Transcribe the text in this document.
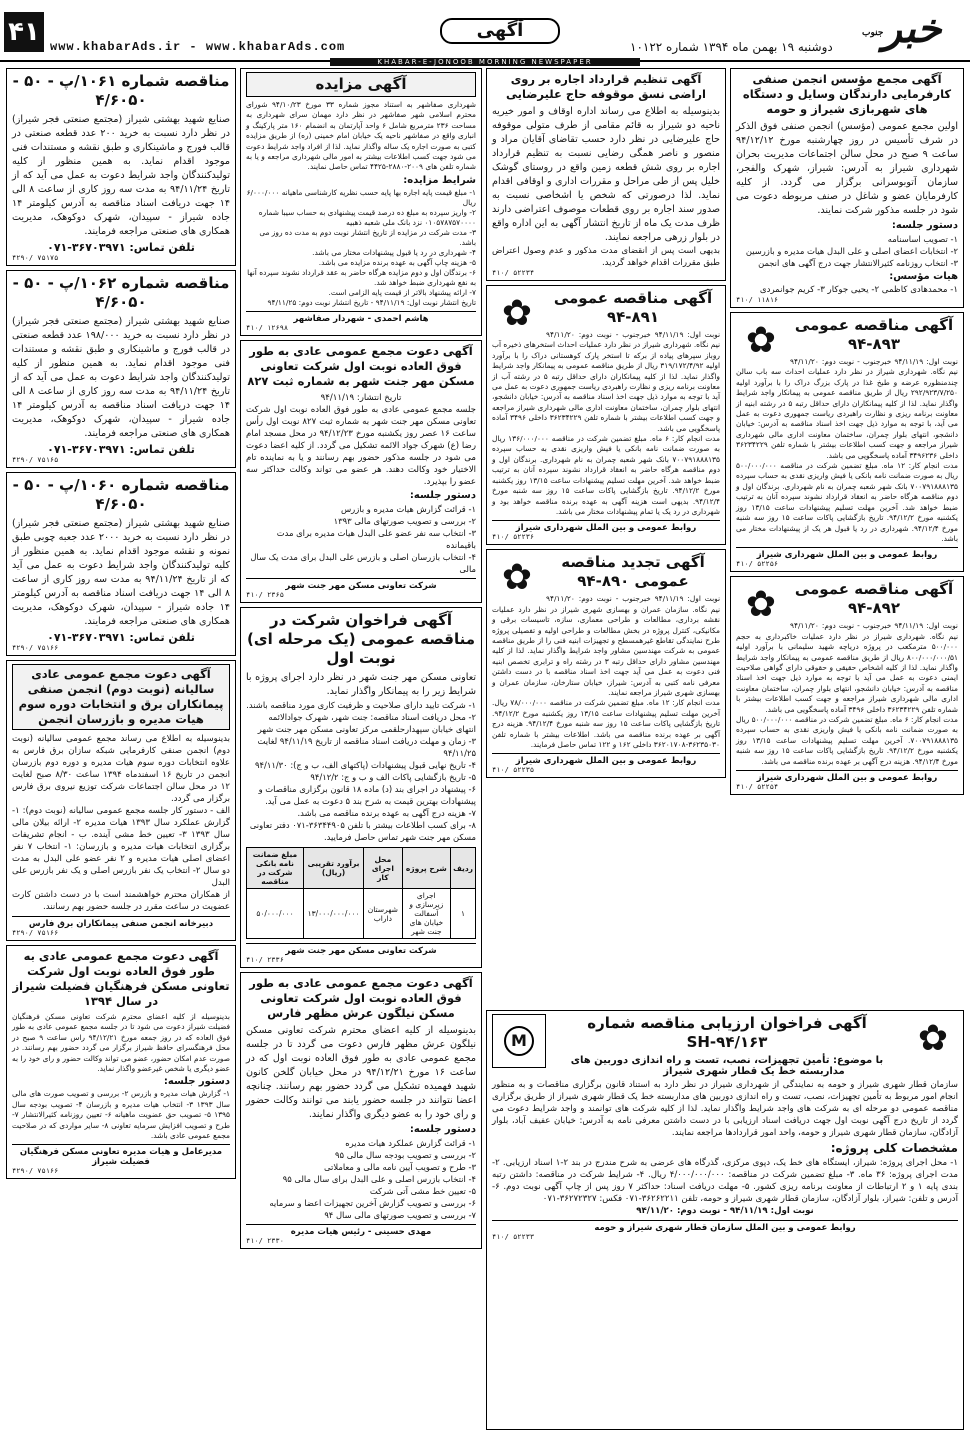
۴۱ www.khabarAds.ir - www.khabarAds.com
آگهی
دوشنبه ۱۹ بهمن ماه ۱۳۹۴ شماره ۱۰۱۲۲	خبر
جنوب
KHABAR-E-JONOOB MORNING NEWSPAPER
آگهی مجمع مؤسس انجمن صنفی کارفرمایی دارندگان وسایل و دستگاه های شهربازی شیراز و حومه

اولین مجمع عمومی (مؤسس) انجمن صنفی فوق الذکر در شرف تأسیس در روز چهارشنبه مورخ ۹۴/۱۲/۱۲ ساعت ۹ صبح در محل سالن اجتماعات مدیریت بحران شهرداری شیراز به آدرس: شیراز، شهرک والفجر، سازمان آتوبوسرانی برگزار می گردد. از کلیه کارفرمایان عضو و شاغل در صنف مربوطه دعوت می شود در جلسه مذکور شرکت نمایند.

دستور جلسه:
۱- تصویب اساسنامه
۲- انتخابات اعضای اصلی و علی البدل هیات مدیره و بازرسین
۳- انتخاب روزنامه کثیرالانتشار جهت درج آگهی های انجمن
هیات مؤسس:

۱- محمدهادی کاظمی ۲- یحیی جوکار ۳- کریم جوانمردی

۴۱۰/ ۱۱۸۱۶
✿	آگهی مناقصه عمومی ۸۹۳-۹۴

نوبت اول: ۹۴/۱۱/۱۹ خبرجنوب - نوبت دوم: ۹۴/۱۱/۲۰ نیم نگاه. شهرداری شیراز در نظر دارد عملیات احداث سه باب سالن چندمنظوره عرضه و طبخ غذا در پارک بزرگ دراک را با برآورد اولیه ۲۹۲/۹۲۳/۷/۲۵۰ ریال از طریق مناقصه عمومی به پیمانکار واجد شرایط واگذار نماید. لذا از کلیه پیمانکاران دارای حداقل رتبه ۵ در رشته ابنیه از معاونت برنامه ریزی و نظارت راهبردی ریاست جمهوری دعوت به عمل می آید، با توجه به موارد ذیل جهت اخذ اسناد مناقصه به آدرس: خیابان دانشجو، انتهای بلوار چمران، ساختمان معاونت اداری مالی شهرداری شیراز مراجعه و جهت کسب اطلاعات بیشتر با شماره تلفن ۳۶۲۳۴۲۲۹ داخلی ۳۴۹۶۲۳۶ آماده پاسخگویی می باشد.

مدت انجام کار: ۱۲ ماه. مبلغ تضمین شرکت در مناقصه ۵۰۰/۰۰۰/۰۰۰ ریال به صورت ضمانت نامه بانکی یا فیش واریزی نقدی به حساب سپرده ۷۰۰۷۹۱۸۸۸۱۳۵ بانک شهر شعبه چمران به نام شهرداری. برندگان اول و دوم مناقصه هرگاه حاضر به انعقاد قرارداد نشوند سپرده آنان به ترتیب ضبط خواهد شد. آخرین مهلت تسلیم پیشنهادات ساعت ۱۳/۱۵ روز یکشنبه مورخ ۹۴/۱۲/۲. تاریخ بازگشایی پاکات ساعت ۱۵ روز سه شنبه مورخ ۹۴/۱۲/۴. شهرداری در رد یا قبول هر یک از پیشنهادات مختار می باشد.

روابط عمومی و بین الملل شهرداری شیراز
۴۱۰/ ۵۲۲۵۶
✿	آگهی مناقصه عمومی ۸۹۲-۹۴

نوبت اول: ۹۴/۱۱/۱۹ خبرجنوب - نوبت دوم: ۹۴/۱۱/۲۰ نیم نگاه. شهرداری شیراز در نظر دارد عملیات خاکبرداری به حجم ۵۰۰/۰۰۰ مترمکعب در پروژه دریاچه شهید سلیمانی با برآورد اولیه ۸۰۰/۰۰۰/۰۰۰/۵۱ ریال از طریق مناقصه عمومی به پیمانکار واجد شرایط واگذار نماید. لذا از کلیه اشخاص حقیقی و حقوقی دارای گواهی صلاحیت ایمنی دعوت به عمل می آید با توجه به موارد ذیل جهت اخذ اسناد مناقصه به آدرس: خیابان دانشجو، انتهای بلوار چمران، ساختمان معاونت اداری مالی شهرداری شیراز مراجعه و جهت کسب اطلاعات بیشتر با شماره تلفن ۳۶۲۳۴۲۲۹ داخلی ۳۴۹۶ آماده پاسخگویی می باشد.

مدت انجام کار: ۶ ماه. مبلغ تضمین شرکت در مناقصه ۵۰۰/۰۰۰/۰۰۰ ریال به صورت ضمانت نامه بانکی یا فیش واریزی نقدی به حساب سپرده ۷۰۰۷۹۱۸۸۸۱۳۵. آخرین مهلت تسلیم پیشنهادات ساعت ۱۳/۱۵ روز یکشنبه مورخ ۹۴/۱۲/۲. تاریخ بازگشایی پاکات ساعت ۱۵ روز سه شنبه مورخ ۹۴/۱۲/۴. هزینه درج آگهی بر عهده برنده مناقصه می باشد.

روابط عمومی و بین الملل شهرداری شیراز
۴۱۰/ ۵۲۲۵۴
آگهی تنظیم قرارداد اجاره بر روی اراضی نسق موقوفه حاج علیرضایی

بدینوسیله به اطلاع می رساند اداره اوقاف و امور خیریه ناحیه دو شیراز به قائم مقامی از طرف متولی موقوفه حاج علیرضایی در نظر دارد حسب تقاضای آقایان مراد و منصور و ناصر همگی رضایی نسبت به تنظیم قرارداد اجاره بر روی شش قطعه زمین واقع در روستای گوشک خلیل پس از طی مراحل و مقررات اداری و اوقافی اقدام نماید. لذا درصورتی که شخص یا اشخاصی نسبت به صدور سند اجاره بر روی قطعات موصوف اعتراضی دارند ظرف مدت یک ماه از تاریخ انتشار آگهی به این اداره واقع در بلوار زرهی مراجعه نمایند.

بدیهی است پس از انقضای مدت مذکور و عدم وصول اعتراض طبق مقررات اقدام خواهد گردید.

۴۱۰/ ۵۲۲۳۴
✿	آگهی مناقصه عمومی ۸۹۱-۹۴

نوبت اول: ۹۴/۱۱/۱۹ خبرجنوب - نوبت دوم: ۹۴/۱۱/۲۰ نیم نگاه. شهرداری شیراز در نظر دارد عملیات احداث استخرهای ذخیره آب روباز سپرهای پیاده از برکه تا استخر پارک کوهستانی دراک را با برآورد اولیه ۳۱۹/۱۷۲/۴/۹۲ ریال از طریق مناقصه عمومی به پیمانکار واجد شرایط واگذار نماید. لذا از کلیه پیمانکاران دارای حداقل رتبه ۵ در رشته آب از معاونت برنامه ریزی و نظارت راهبردی ریاست جمهوری دعوت به عمل می آید با توجه به موارد ذیل جهت اخذ اسناد مناقصه به آدرس: خیابان دانشجو، انتهای بلوار چمران، ساختمان معاونت اداری مالی شهرداری شیراز مراجعه و جهت کسب اطلاعات بیشتر با شماره تلفن ۳۶۲۳۴۲۲۹ داخلی ۳۴۹۶ آماده پاسخگویی می باشد.

مدت انجام کار: ۶ ماه. مبلغ تضمین شرکت در مناقصه ۱۳۶/۰۰۰/۰۰۰ ریال به صورت ضمانت نامه بانکی یا فیش واریزی نقدی به حساب سپرده ۷۰۰۷۹۱۸۸۸۱۳۵ بانک شهر شعبه چمران به نام شهرداری. برندگان اول و دوم مناقصه هرگاه حاضر به انعقاد قرارداد نشوند سپرده آنان به ترتیب ضبط خواهد شد. آخرین مهلت تسلیم پیشنهادات ساعت ۱۳/۱۵ روز یکشنبه مورخ ۹۴/۱۲/۲. تاریخ بازگشایی پاکات ساعت ۱۵ روز سه شنبه مورخ ۹۴/۱۲/۴. بدیهی است هزینه آگهی به عهده برنده مناقصه خواهد بود و شهرداری در رد یک یا تمام پیشنهادات مختار می باشد.

روابط عمومی و بین الملل شهرداری شیراز
۴۱۰/ ۵۲۲۳۶
✿	آگهی تجدید مناقصه عمومی ۸۹۰-۹۴

نوبت اول: ۹۴/۱۱/۱۹ خبرجنوب - نوبت دوم: ۹۴/۱۱/۲۰ نیم نگاه. سازمان عمران و بهسازی شهری شیراز در نظر دارد عملیات نقشه برداری، مطالعات و طراحی معماری، سازه، تاسیسات برقی و مکانیکی، کنترل پروژه در بخش مطالعات و طراحی اولیه و تفصیلی پروژه طرح نمایندگی تقاطع غیرهمسطح و تجهیزات ابنیه فنی را از طریق مناقصه عمومی به شرکت مهندسین مشاور واجد شرایط واگذار نماید. لذا از کلیه مهندسین مشاور دارای حداقل رتبه ۳ در رشته راه و ترابری تخصص ابنیه فنی دعوت به عمل می آید جهت اخذ اسناد مناقصه با در دست داشتن معرفی نامه کتبی به آدرس: شیراز، خیابان ستارخان، سازمان عمران و بهسازی شهری شیراز مراجعه نمایند.

مدت انجام کار: ۱۲ ماه. مبلغ تضمین شرکت در مناقصه ۷۸/۰۰۰/۰۰۰ ریال. آخرین مهلت تسلیم پیشنهادات ساعت ۱۳/۱۵ روز یکشنبه مورخ ۹۴/۱۲/۲. تاریخ بازگشایی پاکات ساعت ۱۵ روز سه شنبه مورخ ۹۴/۱۲/۴. هزینه درج آگهی بر عهده برنده مناقصه می باشد. اطلاعات بیشتر با شماره تلفن ۳۶۲۳۵۰۳۰-۳۶۲۰۱۷۰۸ داخلی ۱۶۲ و ۱۲۲ تماس حاصل فرمایند.

روابط عمومی و بین الملل شهرداری شیراز
۴۱۰/ ۵۲۲۳۵
✿
M
آگهی فراخوان ارزیابی مناقصه شماره SH-۹۴/۱۶۳
با موضوع: تأمین تجهیزات، نصب، تست و راه اندازی دوربین های مداربسته خط یک قطار شهری شیراز

سازمان قطار شهری شیراز و حومه به نمایندگی از شهرداری شیراز در نظر دارد به استناد قانون برگزاری مناقصات و به منظور انجام امور مربوط به تأمین تجهیزات، نصب، تست و راه اندازی دوربین های مداربسته خط یک قطار شهری شیراز از طریق برگزاری مناقصه عمومی دو مرحله ای به شرکت های واجد شرایط واگذار نماید. لذا از کلیه شرکت های توانمند و واجد شرایط دعوت می گردد از تاریخ درج آگهی نوبت اول جهت دریافت اسناد ارزیابی با در دست داشتن معرفی نامه به آدرس: خیابان عفیف آباد، بلوار آزادگان، سازمان قطار شهری شیراز و حومه، واحد امور قراردادها مراجعه نمایند.

مشخصات کلی پروژه:

۱- محل اجرای پروژه: شیراز، ایستگاه های خط یک، دپوی مرکزی، گذرگاه های عرضی به شرح مندرج در بند ۲-۱ اسناد ارزیابی. ۲- مدت اجرای پروژه: ۳۶ ماه. ۳- مبلغ تضمین شرکت در مناقصه: ۴/۰۰۰/۰۰۰/۰۰۰ ریال. ۴- شرایط شرکت در مناقصه: داشتن رتبه بندی پایه ۱ و ۲ ارتباطات از معاونت برنامه ریزی کشور. ۵- مهلت دریافت اسناد: حداکثر ۷ روز پس از چاپ آگهی نوبت دوم. ۶- آدرس و تلفن: شیراز، بلوار آزادگان، سازمان قطار شهری شیراز و حومه، تلفن ۳۶۲۶۲۲۱۱-۰۷۱ فکس: ۳۶۲۷۲۳۲۷-۰۷۱

نوبت اول: ۹۴/۱۱/۱۹ - نوبت دوم: ۹۴/۱۱/۲۰

روابط عمومی و بین الملل سازمان قطار شهری شیراز و حومه
۴۱۰/ ۵۲۲۳۳
آگهی مزایده

شهرداری صفاشهر به استناد مجوز شماره ۳۳ مورخ ۹۴/۱۰/۲۳ شورای محترم اسلامی شهر صفاشهر در نظر دارد مهمان سرای شهرداری به مساحت ۲۳۶ مترمربع شامل ۶ واحد آپارتمان به انضمام ۱۶۰ متر پارکینگ و انباری واقع در صفاشهر ناحیه یک خیابان امام خمینی (ره) از طریق مزایده کتبی به صورت اجاره یک ساله واگذار نماید. لذا از افراد واجد شرایط دعوت می شود جهت کسب اطلاعات بیشتر به امور مالی شهرداری مراجعه و یا به شماره تلفن های ۲۰۰۹-۲۸۸۰-۴۴۲۵ تماس حاصل نمایند.

شرایط مزایده:
۱- مبلغ قیمت پایه اجاره بها پایه حسب نظریه کارشناسی ماهیانه ۶/۰۰۰/۰۰۰ ریال
۲- واریز سپرده به مبلغ ده درصد قیمت پیشنهادی به حساب سیبا شماره ۰۱۰۵۷۸۷۵۷۰۰۰۰ نزد بانک ملی شعبه ذهبیه
۳- مدت شرکت در مزایده از تاریخ انتشار نوبت دوم به مدت ده روز می باشد.
۴- شهرداری در رد یا قبول پیشنهادات مختار می باشد.
۵- هزینه چاپ آگهی به عهده برنده مزایده می باشد.
۶- برندگان اول و دوم مزایده هرگاه حاضر به عقد قرارداد نشوند سپرده آنها به نفع شهرداری ضبط خواهد شد.
۷- ارائه پیشنهاد بالاتر از قیمت پایه الزامی است.

تاریخ انتشار نوبت اول: ۹۴/۱۱/۱۹ - تاریخ انتشار نوبت دوم: ۹۴/۱۱/۲۵

هاشم احمدی - شهردار صفاشهر
۴۱۰/ ۱۲۶۹۸
آگهی دعوت مجمع عمومی عادی به طور فوق العاده نوبت اول شرکت تعاونی مسکن مهر جنت شهر به شماره ثبت ۸۲۷

تاریخ انتشار: ۹۴/۱۱/۱۹

جلسه مجمع عمومی عادی به طور فوق العاده نوبت اول شرکت تعاونی مسکن مهر جنت شهر به شماره ثبت ۸۲۷ نوبت اول رأس ساعت ۱۶ عصر روز یکشنبه مورخ ۹۴/۱۲/۲۳ در محل مسجد امام رضا (ع) شهرک جواد الائمه تشکیل می گردد. از کلیه اعضا دعوت می شود در جلسه مذکور حضور بهم رسانند و یا به نماینده تام الاختیار خود وکالت دهند. هر عضو می تواند وکالت حداکثر سه عضو را بپذیرد.

دستور جلسه:
۱- قرائت گزارش هیات مدیره و بازرس
۲- بررسی و تصویب صورتهای مالی ۱۳۹۳
۳- انتخاب سه نفر عضو علی البدل هیات مدیره برای مدت باقیمانده
۴- انتخاب بازرسان اصلی و بازرس علی البدل برای مدت یک سال مالی
شرکت تعاونی مسکن مهر جنت شهر
۴۱۰/ ۲۳۶۵
آگهی فراخوان شرکت در مناقصه عمومی (یک مرحله ای) نوبت اول

تعاونی مسکن مهر جنت شهر در نظر دارد اجرای پروژه با شرایط زیر را به پیمانکار واگذار نماید.

۱- شرکت تایید دارای صلاحیت و ظرفیت کاری مورد مناقصه باشند.
۲- محل دریافت اسناد مناقصه: جنت شهر، شهرک جوادالائمه انتهای خیابان سپهدارحلقمی مرکز تعاونی مسکن مهر جنت شهر
۳- زمان و مهلت دریافت اسناد مناقصه از تاریخ ۹۴/۱۱/۱۹ لغایت ۹۴/۱۱/۲۵
۴- تاریخ نهایی قبول پیشنهادات (پاکتهای الف، ب و ج): ۹۴/۱۱/۳۰
۵- تاریخ بازگشایی پاکات الف و ب و ج: ۹۴/۱۲/۲
۶- پیشنهاد در اجرای بند (د) ماده ۱۸ قانون برگزاری مناقصات و پیشنهادات بهترین قیمت به شرح بند ۵ دعوت به عمل می آید.
۷- هزینه درج آگهی به عهده برنده مناقصه می باشد.
۸- برای کسب اطلاعات بیشتر با تلفن ۳۶۳۴۴۹۰۵-۰۷۱ دفتر تعاونی مسکن مهر جنت شهر تماس حاصل فرمایید.
ردیف	شرح پروژه	محل اجرای کار	برآورد تقریبی (ریال)	مبلغ ضمانت نامه بانکی شرکت در مناقصه
۱	اجرای زیرسازی و آسفالت خیابان های جنت شهر	شهرستان داراب	۱۳/۰۰۰/۰۰۰/۰۰۰	۵۰/۰۰۰/۰۰۰
شرکت تعاونی مسکن مهر جنت شهر
۴۱۰/ ۲۳۳۶
آگهی دعوت مجمع عمومی عادی به طور فوق العاده نوبت اول شرکت تعاونی مسکن نیلگون عرش مظهر فارس

بدینوسیله از کلیه اعضای محترم شرکت تعاونی مسکن نیلگون عرش مظهر فارس دعوت می گردد تا در جلسه مجمع عمومی عادی به طور فوق العاده نوبت اول که در ساعت ۱۶ مورخ ۹۴/۱۲/۲۱ در محل خیابان گلخن کانون شهید فهمیده تشکیل می گردد حضور بهم رسانند. چنانچه اعضا نتوانند در جلسه حضور یابند می توانند وکالت حضور و رای خود را به عضو دیگری واگذار نمایند.

دستور جلسه:
۱- قرائت گزارش عملکرد هیات مدیره
۲- بررسی و تصویب بودجه سال مالی ۹۵
۳- طرح و تصویب آیین نامه مالی و معاملاتی
۴- انتخاب بازرس اصلی و علی البدل برای سال مالی ۹۵
۵- تعیین خط مشی آتی شرکت
۶- بررسی و تصویب گزارش آخرین تجهیزات اعضا و سرمایه
۷- بررسی و تصویب صورتهای مالی سال ۹۴
مهدی حسینی - رئیس هیات مدیره
۴۱۰/ ۲۳۳۰
مناقصه شماره ۱۰۶۱/پ - ۵۰ - ۴/۶۰۵۰

صنایع شهید بهشتی شیراز (مجتمع صنعتی فجر شیراز) در نظر دارد نسبت به خرید ۲۰۰ عدد قطعه صنعتی در قالب فورج و ماشینکاری و طبق نقشه و مستندات فنی موجود اقدام نماید. به همین منظور از کلیه تولیدکنندگان واجد شرایط دعوت به عمل می آید که از تاریخ ۹۴/۱۱/۲۴ به مدت سه روز کاری از ساعت ۸ الی ۱۴ جهت دریافت اسناد مناقصه به آدرس کیلومتر ۱۴ جاده شیراز - سپیدان، شهرک دوکوهک، مدیریت همکاری های صنعتی مراجعه فرمایند.

تلفن تماس: ۳۶۷۰۳۹۷۱-۰۷۱
۴۲۹۰/ ۷۵۱۷۵
مناقصه شماره ۱۰۶۲/پ - ۵۰ - ۴/۶۰۵۰

صنایع شهید بهشتی شیراز (مجتمع صنعتی فجر شیراز) در نظر دارد نسبت به خرید ۱۹۸/۰۰۰ عدد قطعه صنعتی در قالب فورج و ماشینکاری و طبق نقشه و مستندات فنی موجود اقدام نماید. به همین منظور از کلیه تولیدکنندگان واجد شرایط دعوت به عمل می آید که از تاریخ ۹۴/۱۱/۲۴ به مدت سه روز کاری از ساعت ۸ الی ۱۴ جهت دریافت اسناد مناقصه به آدرس کیلومتر ۱۴ جاده شیراز - سپیدان، شهرک دوکوهک، مدیریت همکاری های صنعتی مراجعه فرمایند.

تلفن تماس: ۳۶۷۰۳۹۷۱-۰۷۱
۴۲۹۰/ ۷۵۱۶۵
مناقصه شماره ۱۰۶۰/پ - ۵۰ - ۴/۶۰۵۰

صنایع شهید بهشتی شیراز (مجتمع صنعتی فجر شیراز) در نظر دارد نسبت به خرید ۲۰۰۰ عدد جعبه چوبی طبق نمونه و نقشه موجود اقدام نماید. به همین منظور از کلیه تولیدکنندگان واجد شرایط دعوت به عمل می آید که از تاریخ ۹۴/۱۱/۲۴ به مدت سه روز کاری از ساعت ۸ الی ۱۴ جهت دریافت اسناد مناقصه به آدرس کیلومتر ۱۴ جاده شیراز - سپیدان، شهرک دوکوهک، مدیریت همکاری های صنعتی مراجعه فرمایند.

تلفن تماس: ۳۶۷۰۳۹۷۱-۰۷۱
۴۲۹۰/ ۷۵۱۶۶
آگهی دعوت مجمع عمومی عادی سالیانه (نوبت دوم) انجمن صنفی پیمانکاران برق و انتخابات دوره سوم هیات مدیره و بازرسان انجمن

بدینوسیله به اطلاع می رساند مجمع عمومی سالیانه (نوبت دوم) انجمن صنفی کارفرمایی شبکه سازان برق فارس به علاوه انتخابات دوره سوم هیات مدیره و دوره دوم بازرسان انجمن در تاریخ ۱۶ اسفندماه ۱۳۹۴ ساعت ۸/۳۰ صبح لغایت ۱۲ در محل سالن اجتماعات شرکت توزیع نیروی برق فارس برگزار می گردد.

الف - دستور کار جلسه مجمع عمومی سالیانه (نوبت دوم): ۱- گزارش عملکرد سال ۱۳۹۳ هیات مدیره ۲- ارائه بیلان مالی سال ۱۳۹۳ ۳- تعیین خط مشی آینده. ب - انجام تشریفات برگزاری انتخابات هیات مدیره و بازرسان: ۱- انتخاب ۷ نفر اعضای اصلی هیات مدیره و ۲ نفر عضو علی البدل به مدت دو سال ۲- انتخاب یک نفر بازرس اصلی و یک نفر بازرس علی البدل

از همکاران محترم خواهشمند است با در دست داشتن کارت عضویت در ساعت مقرر در جلسه حضور بهم رسانند.

دبیرخانه انجمن صنفی پیمانکاران برق فارس
۴۲۹۰/ ۷۵۱۶۶
آگهی دعوت مجمع عمومی عادی به طور فوق العاده نوبت اول شرکت تعاونی مسکن فرهنگیان فضیلت شیراز در سال ۱۳۹۴

بدینوسیله از کلیه اعضای محترم شرکت تعاونی مسکن فرهنگیان فضیلت شیراز دعوت می شود تا در جلسه مجمع عمومی عادی به طور فوق العاده که در روز جمعه مورخ ۹۴/۱۲/۲۱ راس ساعت ۹ صبح در محل فرهنگسرای حافظ شیراز برگزار می گردد حضور بهم رسانند. در صورت عدم امکان حضور، عضو می تواند وکالت حضور و رای خود را به عضو دیگری یا شخص غیرعضو واگذار نماید.

دستور جلسه:

۱- گزارش هیات مدیره و بازرس ۲- بررسی و تصویب صورت های مالی سال ۱۳۹۳ ۳- انتخاب هیات مدیره و بازرسان ۴- تصویب بودجه سال ۱۳۹۵ ۵- تصویب حق عضویت ماهیانه ۶- تعیین روزنامه کثیرالانتشار ۷- طرح و تصویب افزایش سرمایه تعاونی ۸- سایر مواردی که در صلاحیت مجمع عمومی عادی باشد.

مدیرعامل و هیات مدیره تعاونی مسکن فرهنگیان فضیلت شیراز
۴۲۹۰/ ۷۵۱۶۶
